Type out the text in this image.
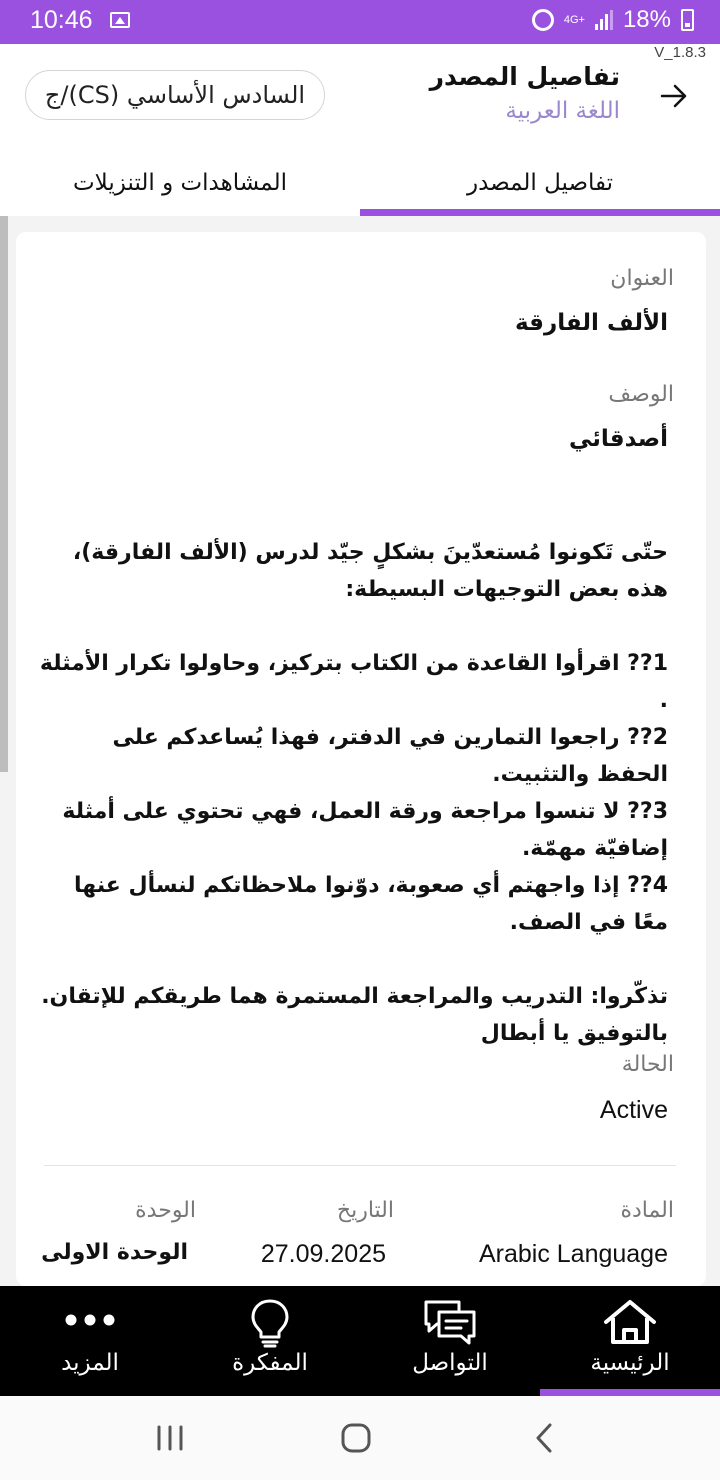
10:46	4G+ 18%
V_1.8.3
تفاصيل المصدر
اللغة العربية
السادس الأساسي (CS)/ج
تفاصيل المصدر
المشاهدات و التنزيلات
العنوان
الألف الفارقة
الوصف
أصدقائي
حتّى تَكونوا مُستعدّينَ بشكلٍ جيّد لدرس (الألف الفارقة)،
هذه بعض التوجيهات البسيطة:

1?? اقرأوا القاعدة من الكتاب بتركيز، وحاولوا تكرار الأمثلة .
2?? راجعوا التمارين في الدفتر، فهذا يُساعدكم على الحفظ والتثبيت.
3?? لا تنسوا مراجعة ورقة العمل، فهي تحتوي على أمثلة إضافيّة مهمّة.
4?? إذا واجهتم أي صعوبة، دوّنوا ملاحظاتكم لنسأل عنها معًا في الصف.

تذكّروا: التدريب والمراجعة المستمرة هما طريقكم للإتقان.
بالتوفيق يا أبطال
الحالة
Active
المادة
Arabic Language
التاريخ
27.09.2025
الوحدة
الوحدة الاولى
الرئيسية
التواصل
المفكرة
المزيد
